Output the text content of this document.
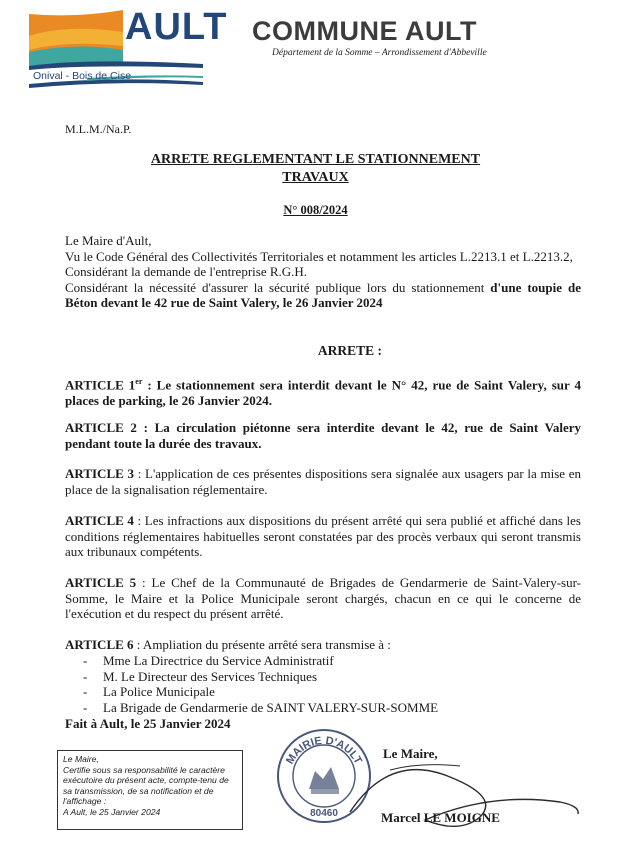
AULT
Onival - Bois de Cise
COMMUNE AULT
Département de la Somme – Arrondissement d'Abbeville
M.L.M./Na.P.
ARRETE REGLEMENTANT LE STATIONNEMENT
TRAVAUX
N° 008/2024
Le Maire d'Ault,
Vu le Code Général des Collectivités Territoriales et notamment les articles L.2213.1 et L.2213.2,
Considérant la demande de l'entreprise R.G.H.
Considérant la nécessité d'assurer la sécurité publique lors du stationnement d'une toupie de Béton devant le 42 rue de Saint Valery, le 26 Janvier 2024
ARRETE :
ARTICLE 1er : Le stationnement sera interdit devant le N° 42, rue de Saint Valery, sur 4 places de parking, le 26 Janvier 2024.
ARTICLE 2 : La circulation piétonne sera interdite devant le 42, rue de Saint Valery pendant toute la durée des travaux.
ARTICLE 3 : L'application de ces présentes dispositions sera signalée aux usagers par la mise en place de la signalisation réglementaire.
ARTICLE 4 : Les infractions aux dispositions du présent arrêté qui sera publié et affiché dans les conditions réglementaires habituelles seront constatées par des procès verbaux qui seront transmis aux tribunaux compétents.
ARTICLE 5 : Le Chef de la Communauté de Brigades de Gendarmerie de Saint-Valery-sur-Somme, le Maire et la Police Municipale seront chargés, chacun en ce qui le concerne de l'exécution et du respect du présent arrêté.
ARTICLE 6 : Ampliation du présente arrêté sera transmise à :
- Mme La Directrice du Service Administratif
- M. Le Directeur des Services Techniques
- La Police Municipale
- La Brigade de Gendarmerie de SAINT VALERY-SUR-SOMME
Fait à Ault, le 25 Janvier 2024
Le Maire,
Certifie sous sa responsabilité le caractère exécutoire du présent acte, compte-tenu de sa transmission, de sa notification et de l'affichage :
A Ault, le 25 Janvier 2024
MAIRIE D'AULT
80460
Le Maire,
Marcel LE MOIGNE
